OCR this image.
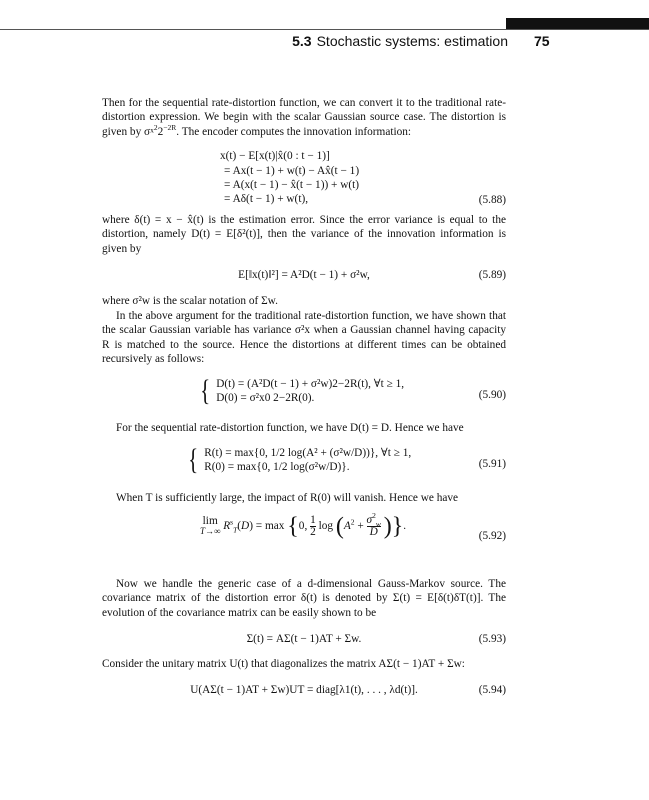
5.3 Stochastic systems: estimation 75

Then for the sequential rate-distortion function, we can convert it to the traditional rate-distortion expression. We begin with the scalar Gaussian source case. The distortion is given by $\sigma^{_x2}2^{-2R}$. The encoder computes the innovation information:

x(t) − E[x(t)|x̂(0 : t − 1)]
= Ax(t − 1) + w(t) − Ax̂(t − 1)
= A(x(t − 1) − x̂(t − 1)) + w(t)
= Aδ(t − 1) + w(t),	(5.88)

where δ(t) = x − x̂(t) is the estimation error. Since the error variance is equal to the distortion, namely D(t) = E[δ²(t)], then the variance of the innovation information is given by

E[‖x(t)‖²] = A²D(t − 1) + σ²w,	(5.89)

where σ²w is the scalar notation of Σw.

In the above argument for the traditional rate-distortion function, we have shown that the scalar Gaussian variable has variance σ²x when a Gaussian channel having capacity R is matched to the source. Hence the distortions at different times can be obtained recursively as follows:

{ D(t) = (A²D(t − 1) + σ²w)2−2R(t), ∀t ≥ 1,
D(0) = σ²x0 2−2R(0).	(5.90)

For the sequential rate-distortion function, we have D(t) = D. Hence we have

{ R(t) = max{0, 1/2 log(A² + (σ²w/D))}, ∀t ≥ 1,
R(0) = max{0, 1/2 log(σ²w/D)}.	(5.91)

When T is sufficiently large, the impact of R(0) will vanish. Hence we have

lim
T→∞ $R^s_T(D) = \max \{0$, $\frac{1}{2}$ $\log (A^2 + \frac{\sigma^2_w}{D}$ )}.
(5.92)

Now we handle the generic case of a d-dimensional Gauss-Markov source. The covariance matrix of the distortion error δ(t) is denoted by Σ(t) = E[δ(t)δT(t)]. The evolution of the covariance matrix can be easily shown to be

Σ(t) = AΣ(t − 1)AT + Σw.	(5.93)

Consider the unitary matrix U(t) that diagonalizes the matrix AΣ(t − 1)AT + Σw:

U(AΣ(t − 1)AT + Σw)UT = diag[λ1(t), . . . , λd(t)].	(5.94)
